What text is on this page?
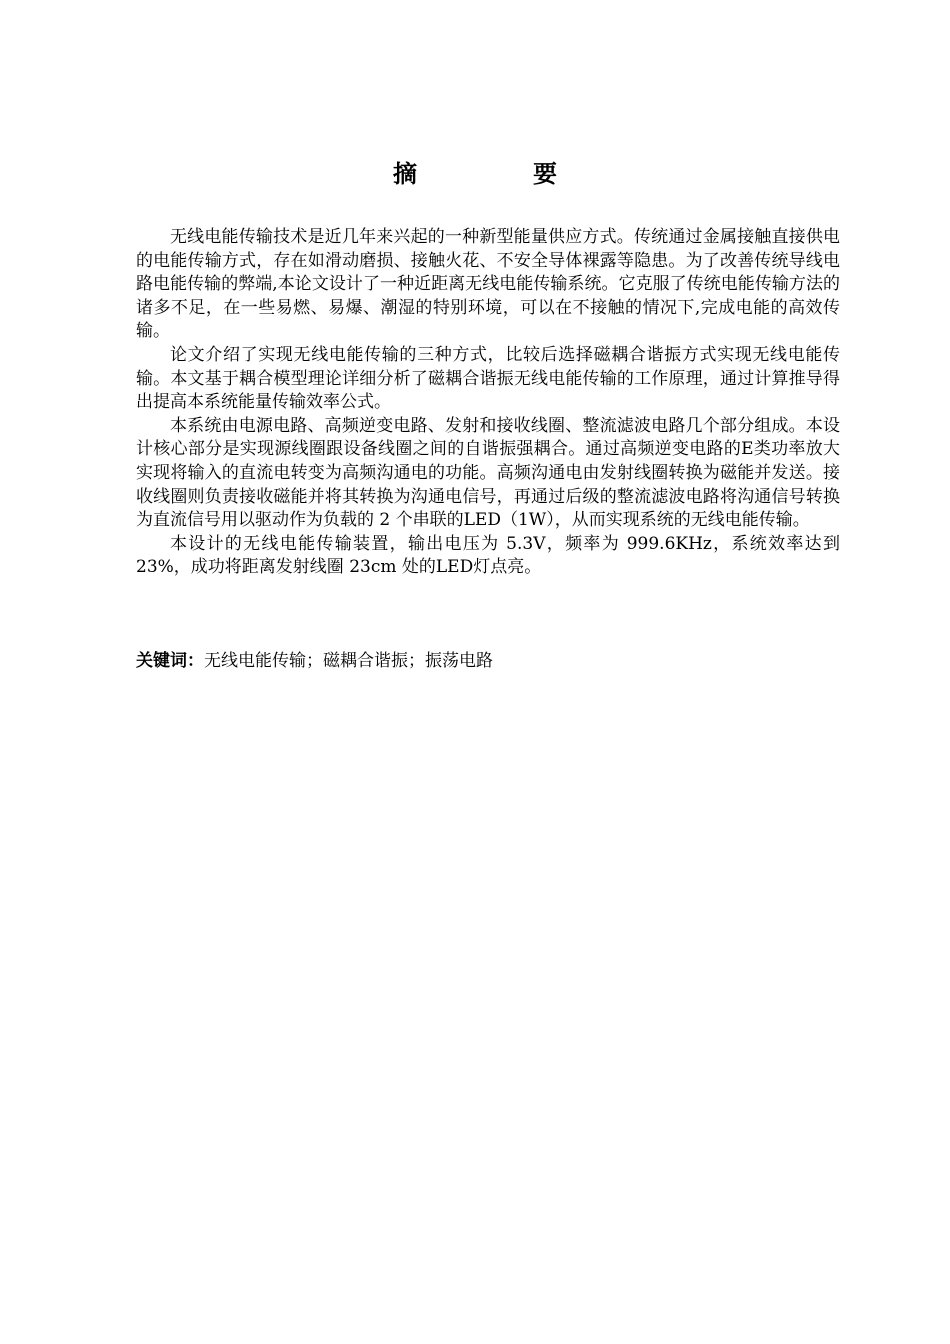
摘　要

无线电能传输技术是近几年来兴起的一种新型能量供应方式。传统通过金属接触直接供电的电能传输方式，存在如滑动磨损、接触火花、不安全导体裸露等隐患。为了改善传统导线电路电能传输的弊端,本论文设计了一种近距离无线电能传输系统。它克服了传统电能传输方法的诸多不足，在一些易燃、易爆、潮湿的特别环境，可以在不接触的情况下,完成电能的高效传输。

论文介绍了实现无线电能传输的三种方式，比较后选择磁耦合谐振方式实现无线电能传输。本文基于耦合模型理论详细分析了磁耦合谐振无线电能传输的工作原理，通过计算推导得出提高本系统能量传输效率公式。

本系统由电源电路、高频逆变电路、发射和接收线圈、整流滤波电路几个部分组成。本设计核心部分是实现源线圈跟设备线圈之间的自谐振强耦合。通过高频逆变电路的E类功率放大实现将输入的直流电转变为高频沟通电的功能。高频沟通电由发射线圈转换为磁能并发送。接收线圈则负责接收磁能并将其转换为沟通电信号，再通过后级的整流滤波电路将沟通信号转换为直流信号用以驱动作为负载的 2 个串联的LED（1W），从而实现系统的无线电能传输。

本设计的无线电能传输装置，输出电压为 5.3V，频率为 999.6KHz，系统效率达到 23%，成功将距离发射线圈 23cm 处的LED灯点亮。

关键词：无线电能传输；磁耦合谐振；振荡电路
